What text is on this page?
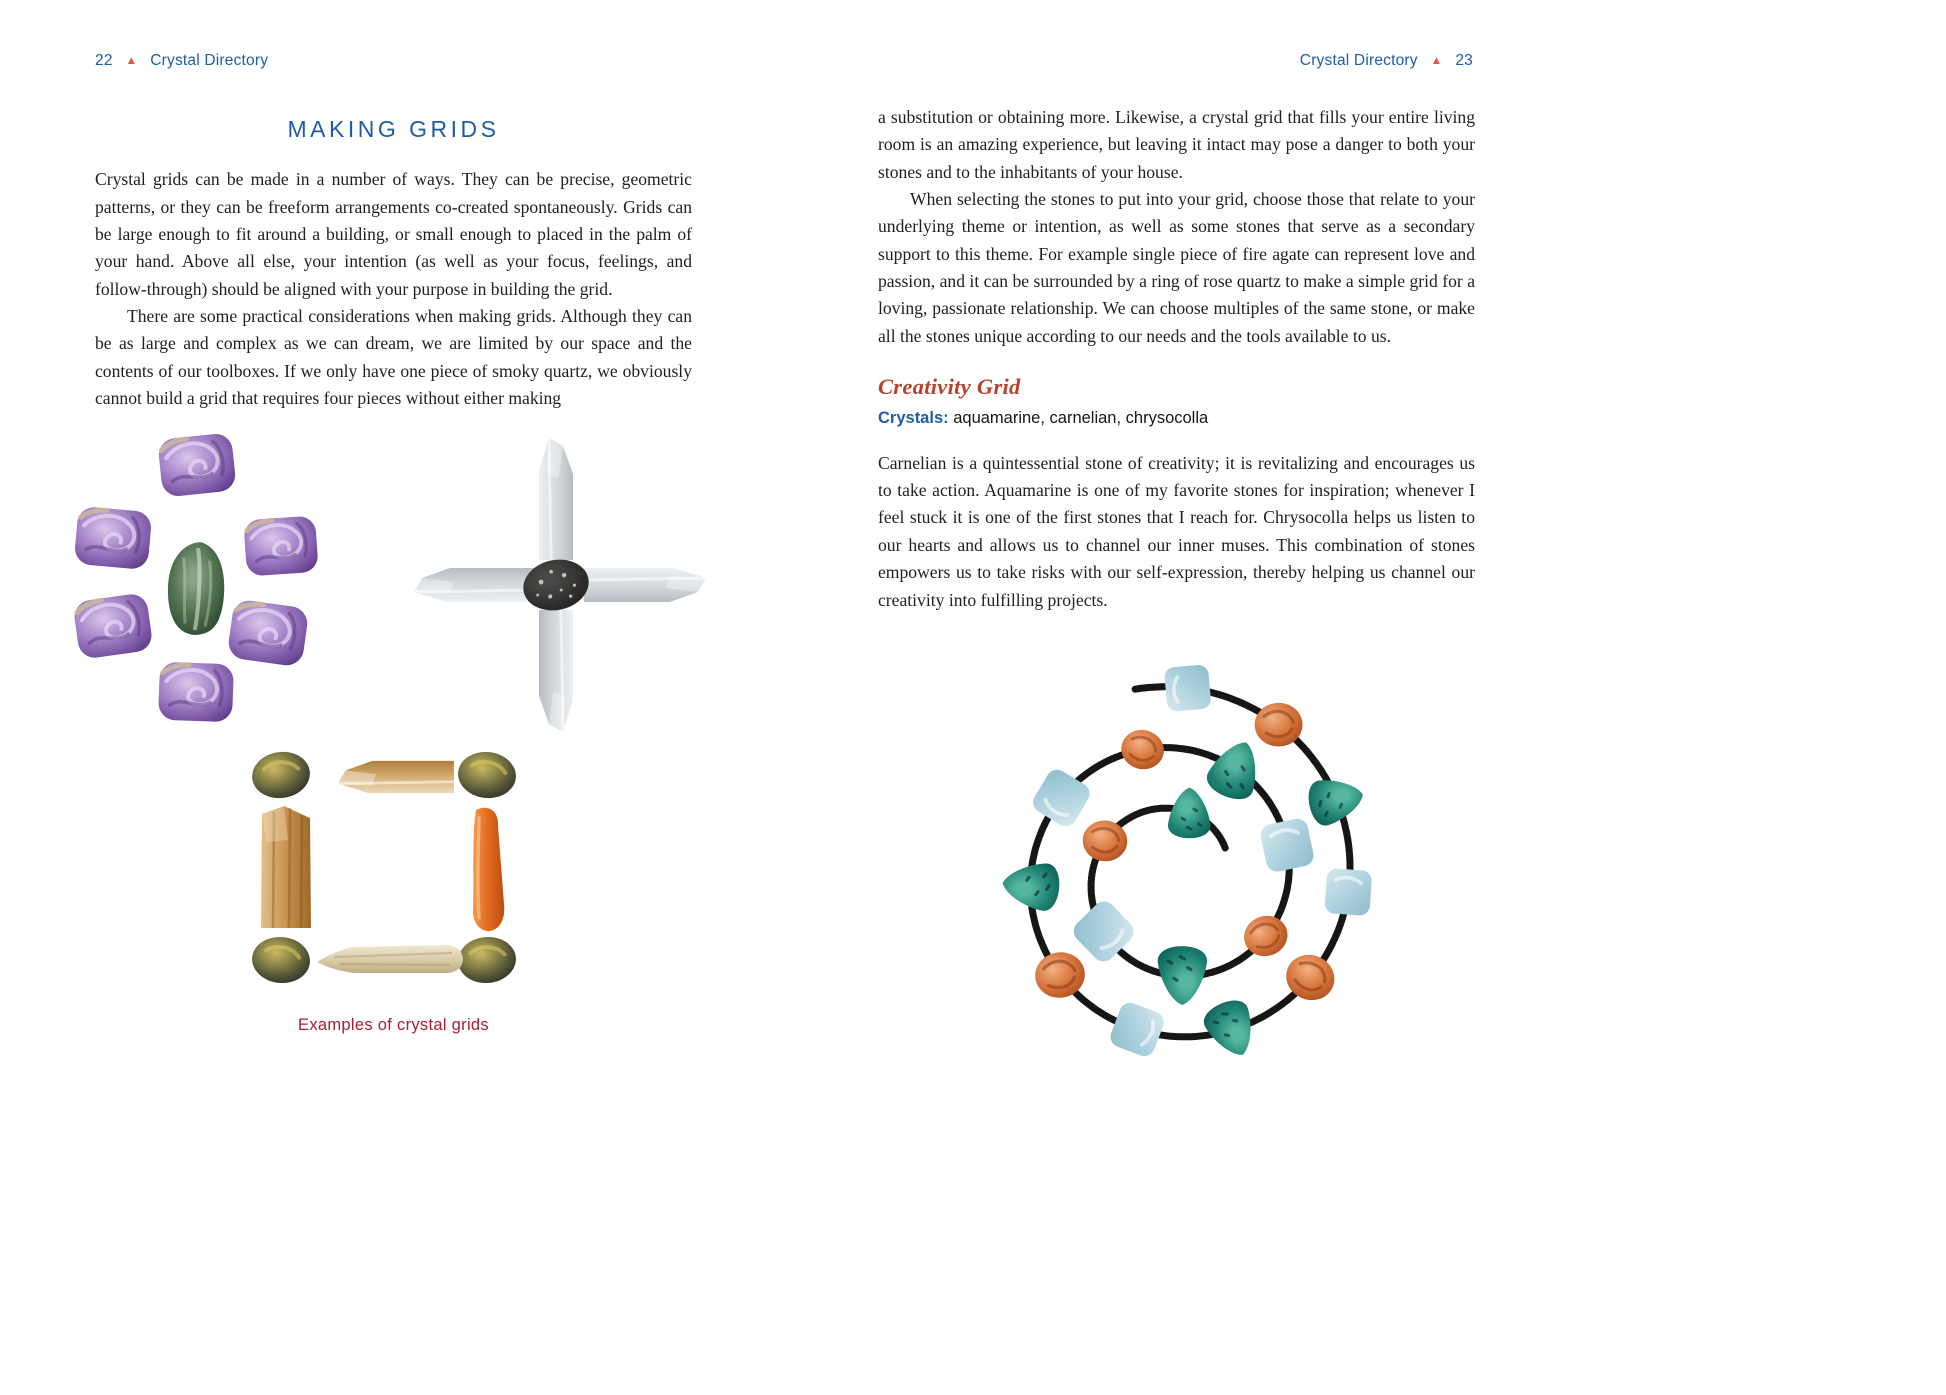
22 ▲ Crystal Directory	Crystal Directory ▲ 23
MAKING GRIDS

Crystal grids can be made in a number of ways. They can be precise, geometric patterns, or they can be freeform arrangements co-created spontaneously. Grids can be large enough to fit around a building, or small enough to placed in the palm of your hand. Above all else, your intention (as well as your focus, feelings, and follow-through) should be aligned with your purpose in building the grid.

There are some practical considerations when making grids. Although they can be as large and complex as we can dream, we are limited by our space and the contents of our toolboxes. If we only have one piece of smoky quartz, we obviously cannot build a grid that requires four pieces without either making

Examples of crystal grids

a substitution or obtaining more. Likewise, a crystal grid that fills your entire living room is an amazing experience, but leaving it intact may pose a danger to both your stones and to the inhabitants of your house.

When selecting the stones to put into your grid, choose those that relate to your underlying theme or intention, as well as some stones that serve as a secondary support to this theme. For example single piece of fire agate can represent love and passion, and it can be surrounded by a ring of rose quartz to make a simple grid for a loving, passionate relationship. We can choose multiples of the same stone, or make all the stones unique according to our needs and the tools available to us.

Creativity Grid
Crystals: aquamarine, carnelian, chrysocolla

Carnelian is a quintessential stone of creativity; it is revitalizing and encourages us to take action. Aquamarine is one of my favorite stones for inspiration; whenever I feel stuck it is one of the first stones that I reach for. Chrysocolla helps us listen to our hearts and allows us to channel our inner muses. This combination of stones empowers us to take risks with our self-expression, thereby helping us channel our creativity into fulfilling projects.
